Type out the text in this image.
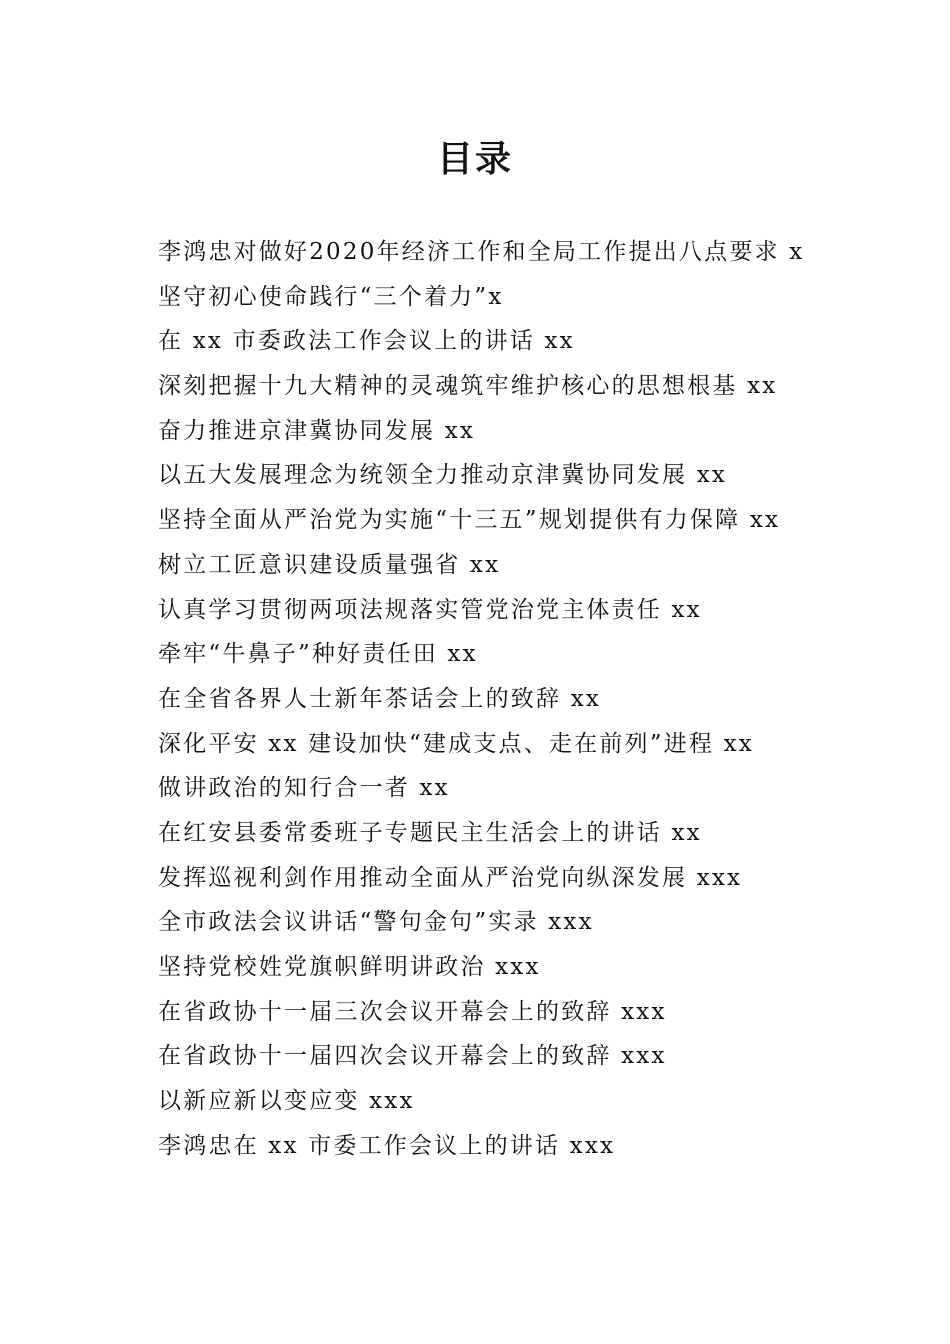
目录
李鸿忠对做好2020年经济工作和全局工作提出八点要求 x
坚守初心使命践行“三个着力”x
在 xx 市委政法工作会议上的讲话 xx
深刻把握十九大精神的灵魂筑牢维护核心的思想根基 xx
奋力推进京津冀协同发展 xx
以五大发展理念为统领全力推动京津冀协同发展 xx
坚持全面从严治党为实施“十三五”规划提供有力保障 xx
树立工匠意识建设质量强省 xx
认真学习贯彻两项法规落实管党治党主体责任 xx
牵牢“牛鼻子”种好责任田 xx
在全省各界人士新年茶话会上的致辞 xx
深化平安 xx 建设加快“建成支点、走在前列”进程 xx
做讲政治的知行合一者 xx
在红安县委常委班子专题民主生活会上的讲话 xx
发挥巡视利剑作用推动全面从严治党向纵深发展 xxx
全市政法会议讲话“警句金句”实录 xxx
坚持党校姓党旗帜鲜明讲政治 xxx
在省政协十一届三次会议开幕会上的致辞 xxx
在省政协十一届四次会议开幕会上的致辞 xxx
以新应新以变应变 xxx
李鸿忠在 xx 市委工作会议上的讲话 xxx
